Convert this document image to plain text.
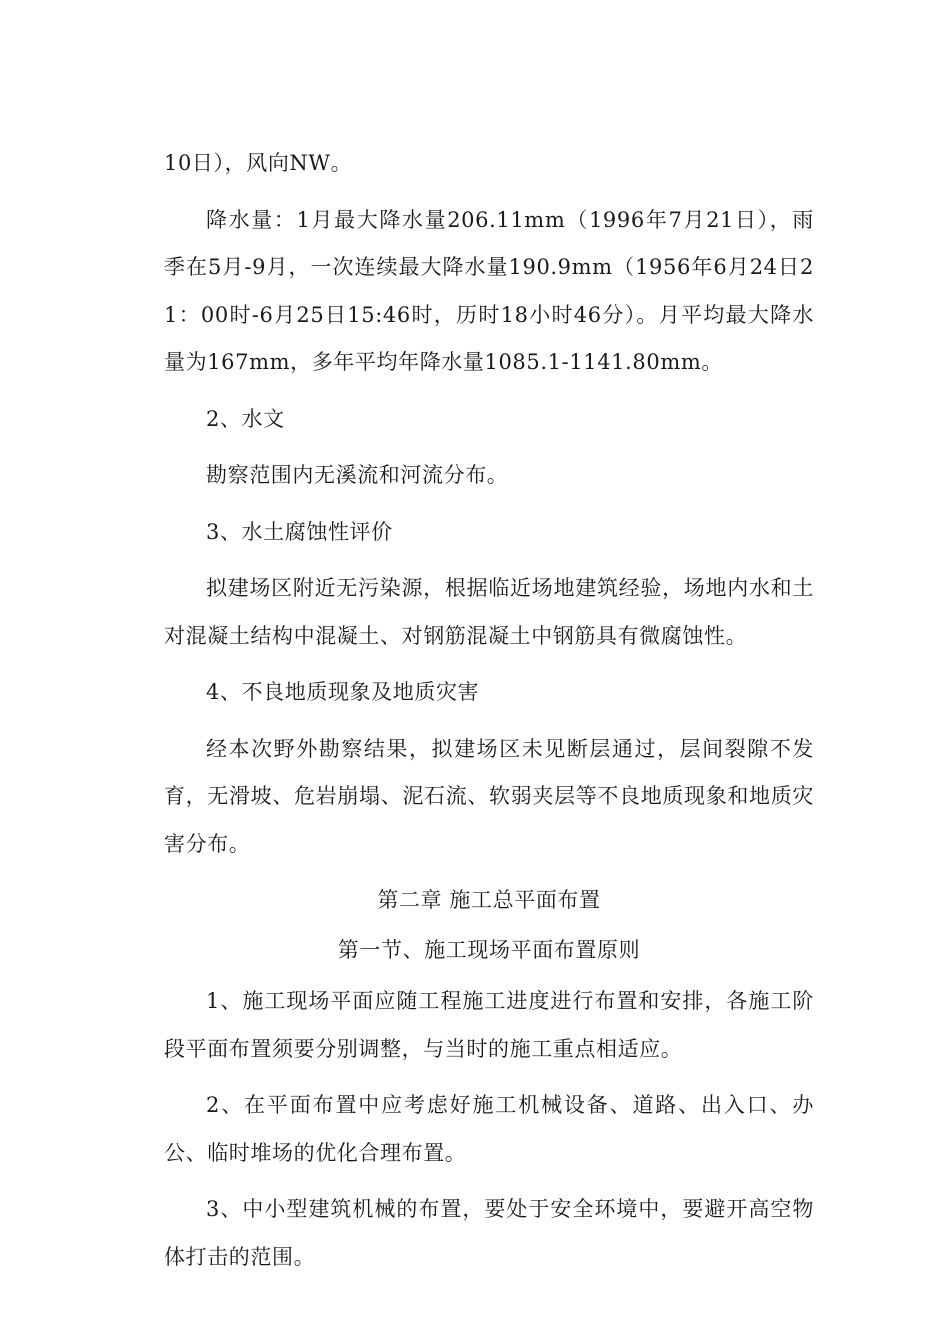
10日），风向NW。

降水量：1月最大降水量206.11mm（1996年7月21日），雨季在5月-9月，一次连续最大降水量190.9mm（1956年6月24日21：00时-6月25日15:46时，历时18小时46分）。月平均最大降水量为167mm，多年平均年降水量1085.1-1141.80mm。

2、水文

勘察范围内无溪流和河流分布。

3、水土腐蚀性评价

拟建场区附近无污染源，根据临近场地建筑经验，场地内水和土对混凝土结构中混凝土、对钢筋混凝土中钢筋具有微腐蚀性。

4、不良地质现象及地质灾害

经本次野外勘察结果，拟建场区未见断层通过，层间裂隙不发育，无滑坡、危岩崩塌、泥石流、软弱夹层等不良地质现象和地质灾害分布。

第二章 施工总平面布置

第一节、施工现场平面布置原则

1、施工现场平面应随工程施工进度进行布置和安排，各施工阶段平面布置须要分别调整，与当时的施工重点相适应。

2、在平面布置中应考虑好施工机械设备、道路、出入口、办公、临时堆场的优化合理布置。

3、中小型建筑机械的布置，要处于安全环境中，要避开高空物体打击的范围。
